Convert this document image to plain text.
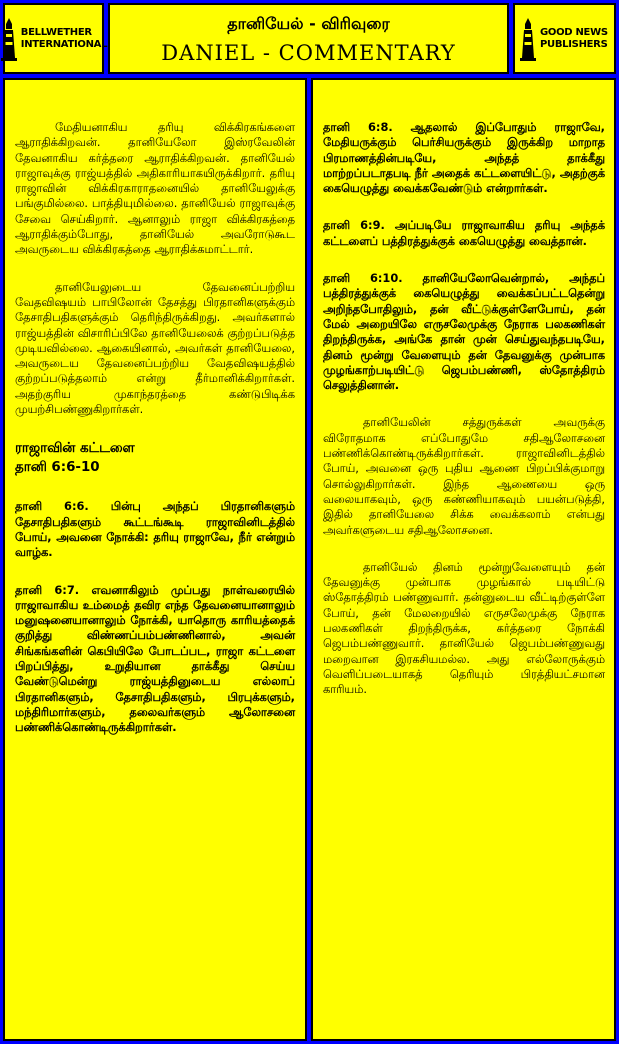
BELLWETHER INTERNATIONAL
தானியேல் - விரிவுரை
DANIEL - COMMENTARY
GOOD NEWS PUBLISHERS

மேதியனாகிய தரியு விக்கிரகங்களை ஆராதிக்கிறவன். தானியேலோ இஸ்ரவேலின் தேவனாகிய கர்த்தரை ஆராதிக்கிறவன். தானியேல் ராஜாவுக்கு ராஜ்யத்தில் அதிகாரியாகயிருக்கிறார். தரியு ராஜாவின் விக்கிரகாராதனையில் தானியேலுக்கு பங்குமில்லை. பாத்தியுமில்லை. தானியேல் ராஜாவுக்கு சேவை செய்கிறார். ஆனாலும் ராஜா விக்கிரகத்தை ஆராதிக்கும்போது, தானியேல் அவரோடுகூட அவருடைய விக்கிரகத்தை ஆராதிக்கமாட்டார்.

தானியேலுடைய தேவனைப்பற்றிய வேதவிஷயம் பாபிலோன் தேசத்து பிரதானிகளுக்கும் தேசாதிபதிகளுக்கும் தெரிந்திருக்கிறது. அவர்களால் ராஜ்யத்தின் விசாரிப்பிலே தானியேலைக் குற்றப்படுத்த முடியவில்லை. ஆகையினால், அவர்கள் தானியேலை, அவருடைய தேவனைப்பற்றிய வேதவிஷயத்தில் குற்றப்படுத்தலாம் என்று தீர்மானிக்கிறார்கள். அதற்குரிய முகாந்தரத்தை கண்டுபிடிக்க முயற்சிபண்ணுகிறார்கள்.

ராஜாவின் கட்டளை
தானி 6:6-10

தானி 6:6. பின்பு அந்தப் பிரதானிகளும் தேசாதிபதிகளும் கூட்டங்கூடி ராஜாவினிடத்தில் போய், அவனை நோக்கி: தரியு ராஜாவே, நீர் என்றும் வாழ்க.

தானி 6:7. எவனாகிலும் முப்பது நாள்வரையில் ராஜாவாகிய உம்மைத் தவிர எந்த தேவனையானாலும் மனுஷனையானாலும் நோக்கி, யாதொரு காரியத்தைக் குறித்து விண்ணப்பம்பண்ணினால், அவன் சிங்கங்களின் கெபியிலே போடப்பட, ராஜா கட்டளை பிறப்பித்து, உறுதியான தாக்கீது செய்ய வேண்டுமென்று ராஜ்யத்தினுடைய எல்லாப் பிரதானிகளும், தேசாதிபதிகளும், பிரபுக்களும், மந்திரிமார்களும், தலைவர்களும் ஆலோசனை பண்ணிக்கொண்டிருக்கிறார்கள்.

தானி 6:8. ஆதலால் இப்போதும் ராஜாவே, மேதியருக்கும் பெர்சியருக்கும் இருக்கிற மாறாத பிரமாணத்தின்படியே, அந்தத் தாக்கீது மாற்றப்படாதபடி நீர் அதைக் கட்டளையிட்டு, அதற்குக் கையெழுத்து வைக்கவேண்டும் என்றார்கள்.

தானி 6:9. அப்படியே ராஜாவாகிய தரியு அந்தக் கட்டளைப் பத்திரத்துக்குக் கையெழுத்து வைத்தான்.

தானி 6:10. தானியேலோவென்றால், அந்தப் பத்திரத்துக்குக் கையெழுத்து வைக்கப்பட்டதென்று அறிந்தபோதிலும், தன் வீட்டுக்குள்ளேபோய், தன் மேல் அறையிலே எருசலேமுக்கு நேராக பலகணிகள் திறந்திருக்க, அங்கே தான் முன் செய்துவந்தபடியே, தினம் மூன்று வேளையும் தன் தேவனுக்கு முன்பாக முழங்காற்படியிட்டு ஜெபம்பண்ணி, ஸ்தோத்திரம் செலுத்தினான்.

தானியேலின் சத்துருக்கள் அவருக்கு விரோதமாக எப்போதுமே சதிஆலோசனை பண்ணிக்கொண்டிருக்கிறார்கள். ராஜாவினிடத்தில் போய், அவனை ஒரு புதிய ஆணை பிறப்பிக்குமாறு சொல்லுகிறார்கள். இந்த ஆணையை ஒரு வலையாகவும், ஒரு கண்ணியாகவும் பயன்படுத்தி, இதில் தானியேலை சிக்க வைக்கலாம் என்பது அவர்களுடைய சதிஆலோசனை.

தானியேல் தினம் மூன்றுவேளையும் தன் தேவனுக்கு முன்பாக முழங்கால் படியிட்டு ஸ்தோத்திரம் பண்ணுவார். தன்னுடைய வீட்டிற்குள்ளே போய், தன் மேலறையில் எருசலேமுக்கு நேராக பலகணிகள் திறந்திருக்க, கர்த்தரை நோக்கி ஜெபம்பண்ணுவார். தானியேல் ஜெபம்பண்ணுவது மறைவான இரகசியமல்ல. அது எல்லோருக்கும் வெளிப்படையாகத் தெரியும் பிரத்தியட்சமான காரியம்.
